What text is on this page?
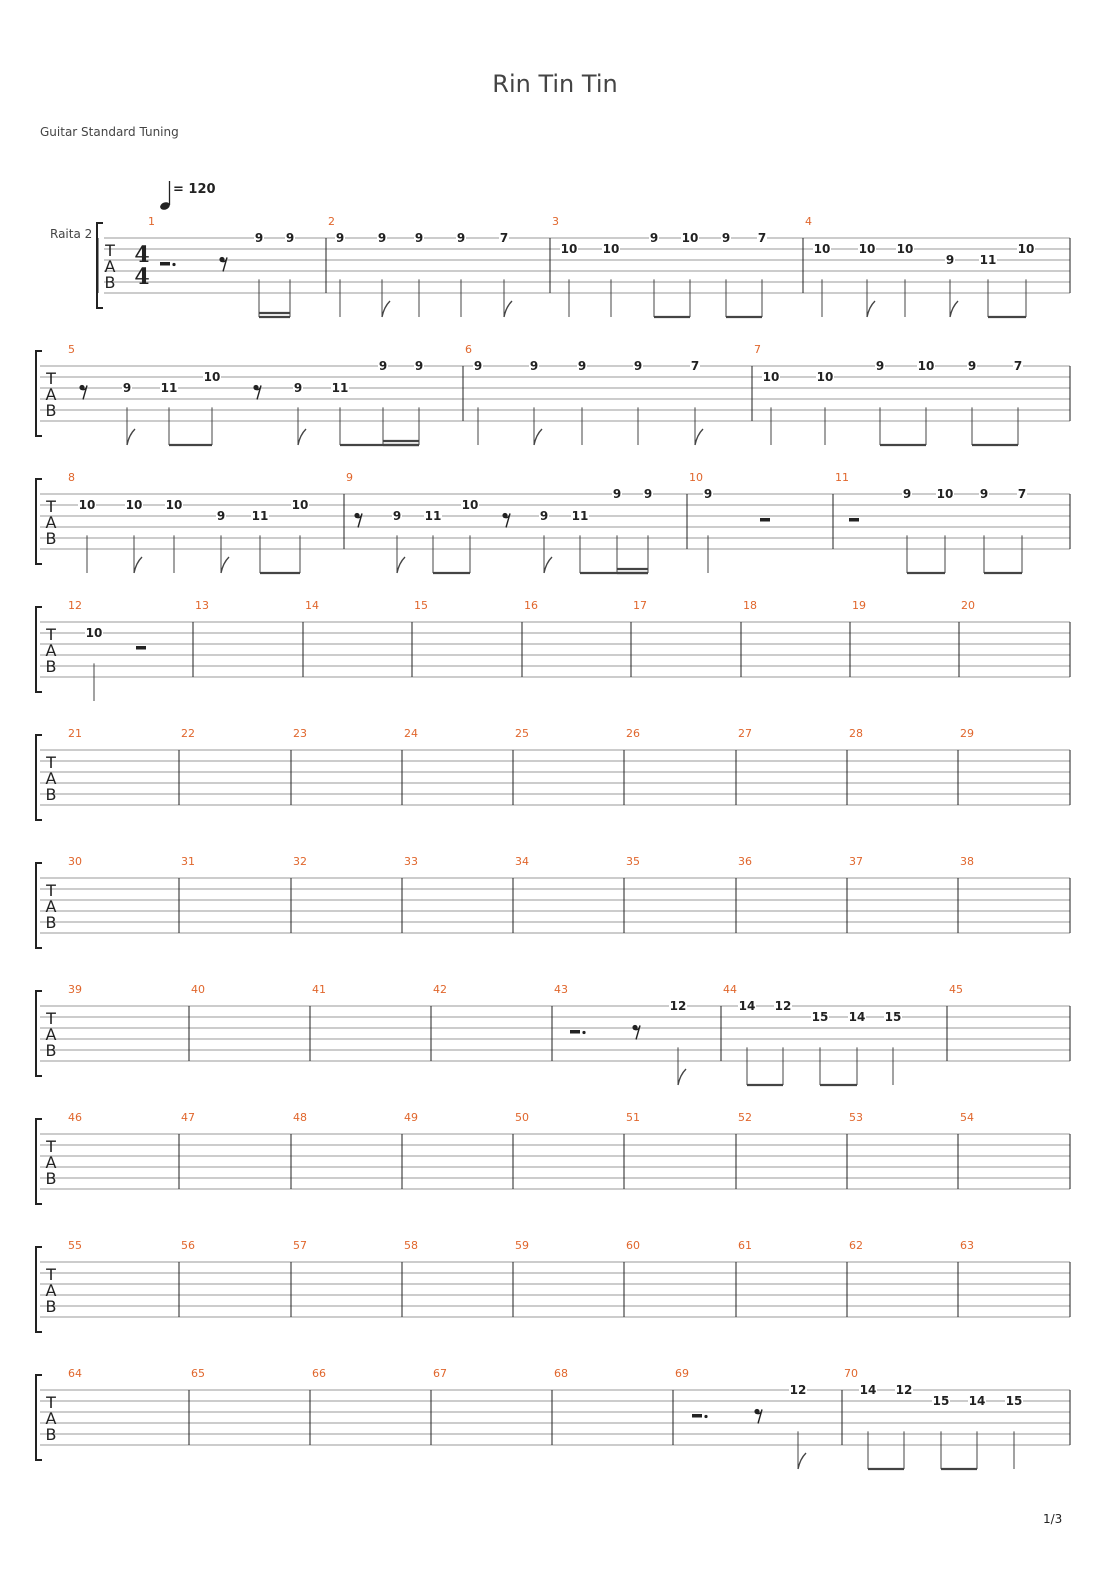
Rin Tin Tin
Guitar Standard Tuning
T
A
B
Raita 2
4
4
= 120
1
9 9
2
9	9 9	9	7
3
10 10
9 10 9 7
4
10 10 10
9 11
10
T
A
B
5
9 11
10
9 11
9 9
6
9	9	9	9	7
7
10	10
9	10	9	7
T
A
B
8
10	10 10
9 11
10
9
9 11
10
9 11
9 9
10
9
11
9 10 9 7
T
A
B
12
10
13	14	15	16	17	18	19	20
T
A
B
21	22	23	24	25	26	27	28	29
T
A
B
30	31	32	33	34	35	36	37	38
T
A
B
39	40	41	42	43
12
44
14 12
15 14 15
45
T
A
B
46	47	48	49	50	51	52	53	54
T
A
B
55	56	57	58	59	60	61	62	63
T
A
B
64	65	66	67	68	69
12
70
14 12
15 14 15
1/3
